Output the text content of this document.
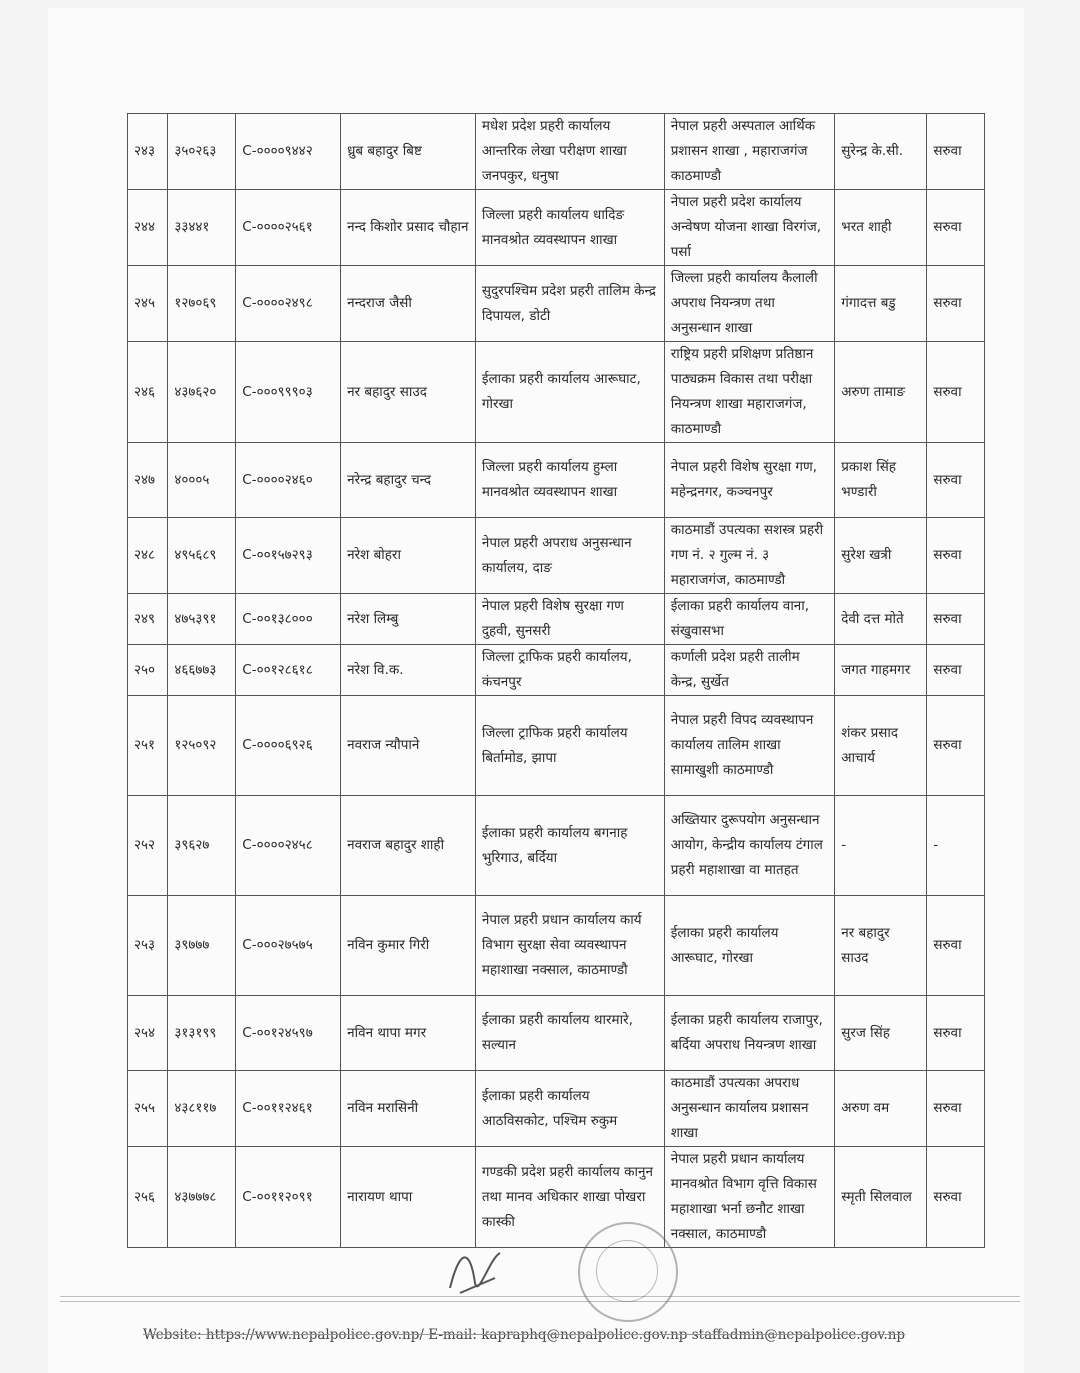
२४३	३५०२६३	C-००००९४४२	ध्रुब बहादुर बिष्ट	मधेश प्रदेश प्रहरी कार्यालय आन्तरिक लेखा परीक्षण शाखा जनपकुर, धनुषा	नेपाल प्रहरी अस्पताल आर्थिक प्रशासन शाखा , महाराजगंज काठमाण्डौ	सुरेन्द्र के.सी.	सरुवा
२४४	३३४४१	C-००००२५६१	नन्द किशोर प्रसाद चौहान	जिल्ला प्रहरी कार्यालय धादिङ मानवश्रोत व्यवस्थापन शाखा	नेपाल प्रहरी प्रदेश कार्यालय अन्वेषण योजना शाखा विरगंज, पर्सा	भरत शाही	सरुवा
२४५	१२७०६९	C-००००२४९८	नन्दराज जैसी	सुदुरपश्चिम प्रदेश प्रहरी तालिम केन्द्र दिपायल, डोटी	जिल्ला प्रहरी कार्यालय कैलाली अपराध नियन्त्रण तथा अनुसन्धान शाखा	गंगादत्त बडु	सरुवा
२४६	४३७६२०	C-०००९९९०३	नर बहादुर साउद	ईलाका प्रहरी कार्यालय आरूघाट, गोरखा	राष्ट्रिय प्रहरी प्रशिक्षण प्रतिष्ठान पाठ्यक्रम विकास तथा परीक्षा नियन्त्रण शाखा महाराजगंज, काठमाण्डौ	अरुण तामाङ	सरुवा
२४७	४०००५	C-००००२४६०	नरेन्द्र बहादुर चन्द	जिल्ला प्रहरी कार्यालय हुम्ला मानवश्रोत व्यवस्थापन शाखा	नेपाल प्रहरी विशेष सुरक्षा गण, महेन्द्रनगर, कञ्चनपुर	प्रकाश सिंह भण्डारी	सरुवा
२४८	४९५६८९	C-००१५७२९३	नरेश बोहरा	नेपाल प्रहरी अपराध अनुसन्धान कार्यालय, दाङ	काठमाडौं उपत्यका सशस्त्र प्रहरी गण नं. २ गुल्म नं. ३ महाराजगंज, काठमाण्डौ	सुरेश खत्री	सरुवा
२४९	४७५३९१	C-००१३८०००	नरेश लिम्बु	नेपाल प्रहरी विशेष सुरक्षा गण दुहवी, सुनसरी	ईलाका प्रहरी कार्यालय वाना, संखुवासभा	देवी दत्त मोते	सरुवा
२५०	४६६७७३	C-००१२८६१८	नरेश वि.क.	जिल्ला ट्राफिक प्रहरी कार्यालय, कंचनपुर	कर्णाली प्रदेश प्रहरी तालीम केन्द्र, सुर्खेत	जगत गाहमगर	सरुवा
२५१	१२५०९२	C-००००६९२६	नवराज न्यौपाने	जिल्ला ट्राफिक प्रहरी कार्यालय बिर्तामोड, झापा	नेपाल प्रहरी विपद व्यवस्थापन कार्यालय तालिम शाखा सामाखुशी काठमाण्डौ	शंकर प्रसाद आचार्य	सरुवा
२५२	३९६२७	C-००००२४५८	नवराज बहादुर शाही	ईलाका प्रहरी कार्यालय बगनाह भुरिगाउ, बर्दिया	अख्तियार दुरूपयोग अनुसन्धान आयोग, केन्द्रीय कार्यालय टंगाल प्रहरी महाशाखा वा मातहत	-	-
२५३	३९७७७	C-०००२७५७५	नविन कुमार गिरी	नेपाल प्रहरी प्रधान कार्यालय कार्य विभाग सुरक्षा सेवा व्यवस्थापन महाशाखा नक्साल, काठमाण्डौ	ईलाका प्रहरी कार्यालय आरूघाट, गोरखा	नर बहादुर साउद	सरुवा
२५४	३१३१९९	C-००१२४५९७	नविन थापा मगर	ईलाका प्रहरी कार्यालय थारमारे, सल्यान	ईलाका प्रहरी कार्यालय राजापुर, बर्दिया अपराध नियन्त्रण शाखा	सुरज सिंह	सरुवा
२५५	४३८११७	C-००११२४६१	नविन मरासिनी	ईलाका प्रहरी कार्यालय आठविसकोट, पश्चिम रुकुम	काठमाडौं उपत्यका अपराध अनुसन्धान कार्यालय प्रशासन शाखा	अरुण वम	सरुवा
२५६	४३७७७८	C-००११२०९१	नारायण थापा	गण्डकी प्रदेश प्रहरी कार्यालय कानुन तथा मानव अधिकार शाखा पोखरा कास्की	नेपाल प्रहरी प्रधान कार्यालय मानवश्रोत विभाग वृत्ति विकास महाशाखा भर्ना छनौट शाखा नक्साल, काठमाण्डौ	स्मृती सिलवाल	सरुवा
Website: https://www.nepalpolice.gov.np/ E-mail: kapraphq@nepalpolice.gov.np staffadmin@nepalpolice.gov.np
